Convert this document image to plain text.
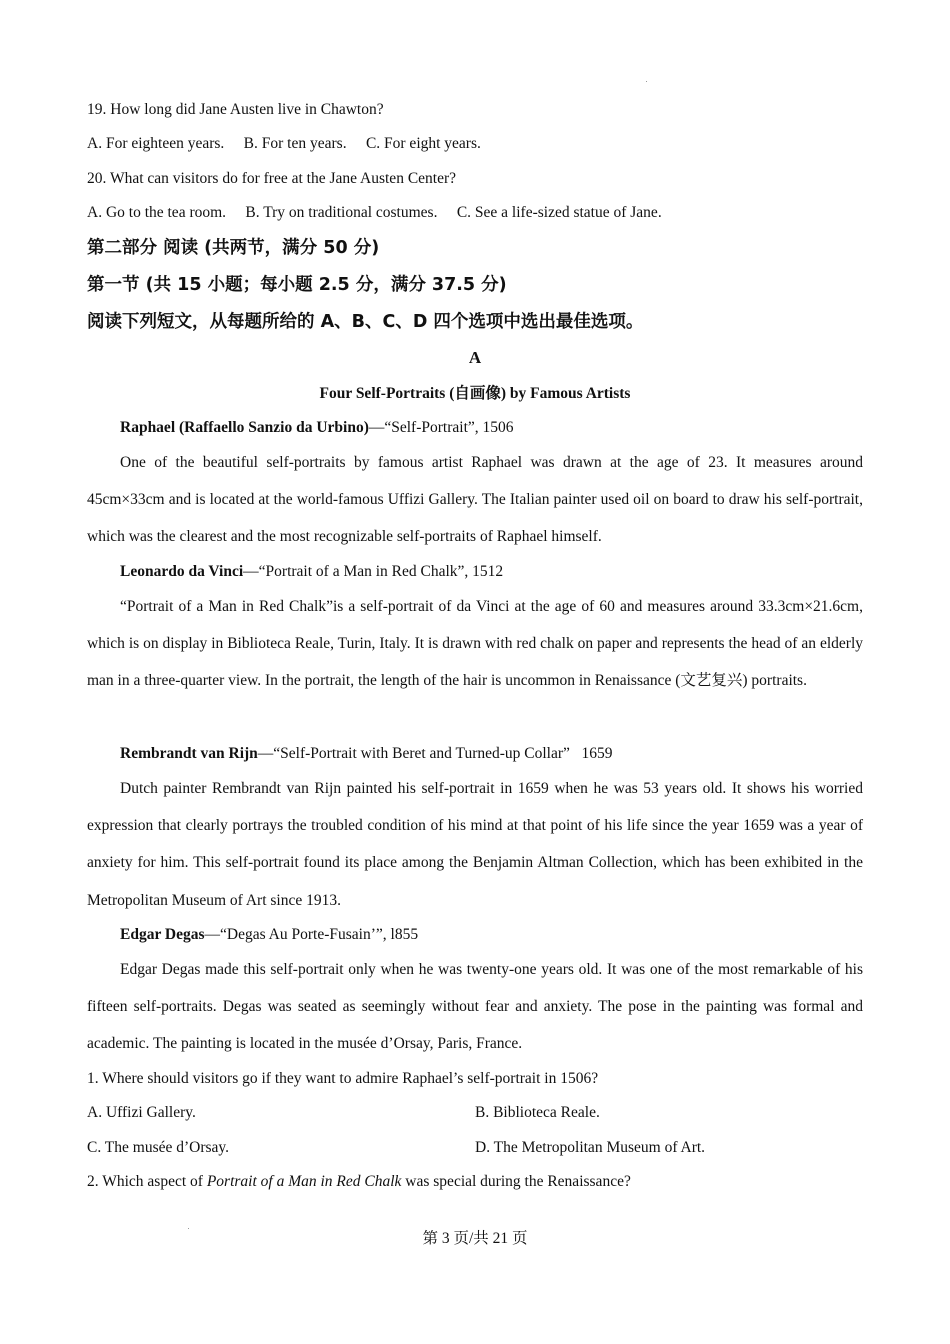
19. How long did Jane Austen live in Chawton?
A. For eighteen years.     B. For ten years.     C. For eight years.
20. What can visitors do for free at the Jane Austen Center?
A. Go to the tea room.     B. Try on traditional costumes.     C. See a life-sized statue of Jane.
第二部分 阅读 (共两节，满分 50 分)
第一节 (共 15 小题；每小题 2.5 分，满分 37.5 分)
阅读下列短文，从每题所给的 A、B、C、D 四个选项中选出最佳选项。
A
Four Self-Portraits (自画像) by Famous Artists
Raphael (Raffaello Sanzio da Urbino)—“Self-Portrait”, 1506

One of the beautiful self-portraits by famous artist Raphael was drawn at the age of 23. It measures around 45cm×33cm and is located at the world-famous Uffizi Gallery. The Italian painter used oil on board to draw his self-portrait, which was the clearest and the most recognizable self-portraits of Raphael himself.

Leonardo da Vinci—“Portrait of a Man in Red Chalk”, 1512

“Portrait of a Man in Red Chalk”is a self-portrait of da Vinci at the age of 60 and measures around 33.3cm×21.6cm, which is on display in Biblioteca Reale, Turin, Italy. It is drawn with red chalk on paper and represents the head of an elderly man in a three-quarter view. In the portrait, the length of the hair is uncommon in Renaissance (文艺复兴) portraits.

Rembrandt van Rijn—“Self-Portrait with Beret and Turned-up Collar”   1659

Dutch painter Rembrandt van Rijn painted his self-portrait in 1659 when he was 53 years old. It shows his worried expression that clearly portrays the troubled condition of his mind at that point of his life since the year 1659 was a year of anxiety for him. This self-portrait found its place among the Benjamin Altman Collection, which has been exhibited in the Metropolitan Museum of Art since 1913.

Edgar Degas—“Degas Au Porte-Fusain’”, l855

Edgar Degas made this self-portrait only when he was twenty-one years old. It was one of the most remarkable of his fifteen self-portraits. Degas was seated as seemingly without fear and anxiety. The pose in the painting was formal and academic. The painting is located in the musée d’Orsay, Paris, France.

1. Where should visitors go if they want to admire Raphael’s self-portrait in 1506?
A. Uffizi Gallery.	B. Biblioteca Reale.
C. The musée d’Orsay.	D. The Metropolitan Museum of Art.
2. Which aspect of Portrait of a Man in Red Chalk was special during the Renaissance?
第 3 页/共 21 页
